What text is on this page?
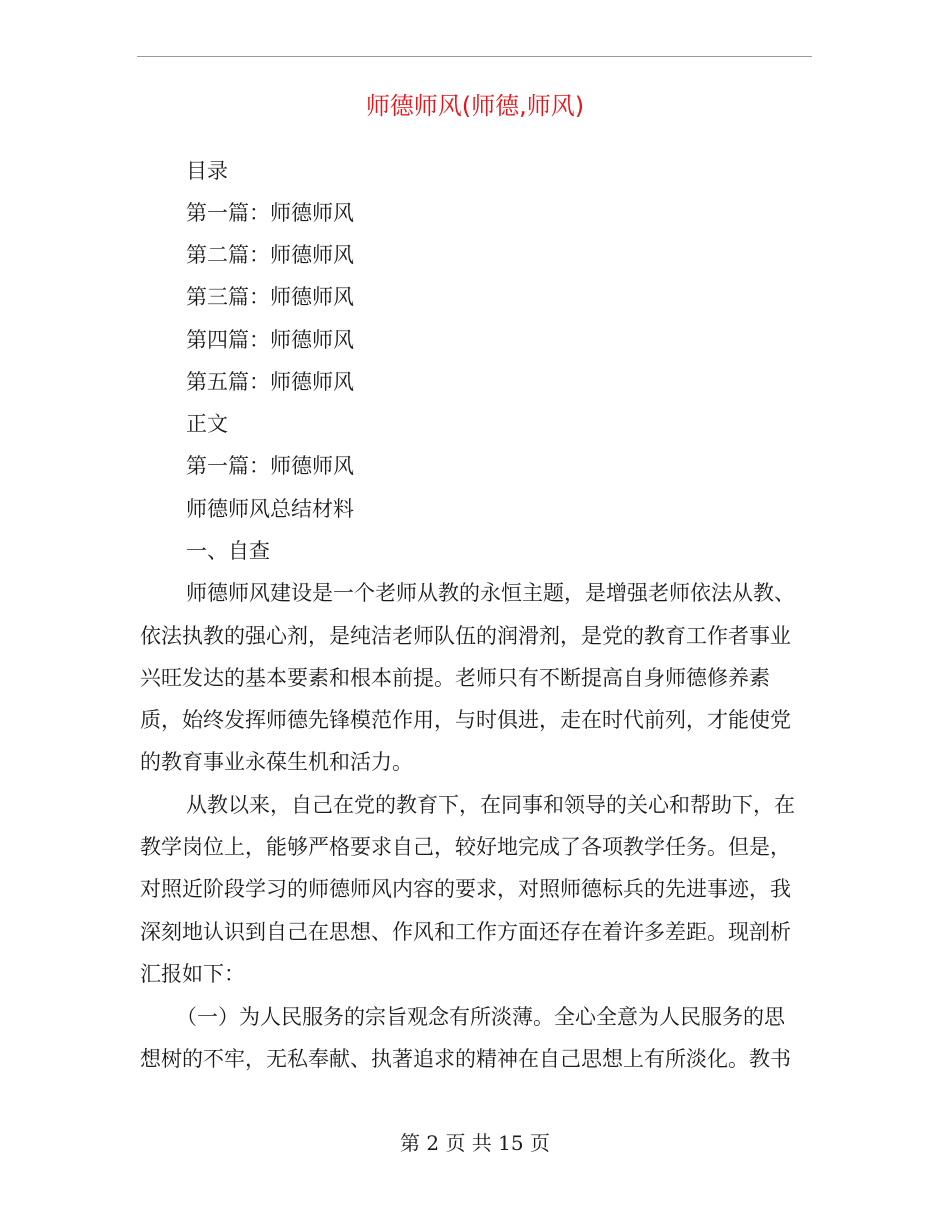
师德师风(师德,师风)
目录
第一篇：师德师风
第二篇：师德师风
第三篇：师德师风
第四篇：师德师风
第五篇：师德师风
正文
第一篇：师德师风
师德师风总结材料
一、自查
师德师风建设是一个老师从教的永恒主题，是增强老师依法从教、
依法执教的强心剂，是纯洁老师队伍的润滑剂，是党的教育工作者事业
兴旺发达的基本要素和根本前提。老师只有不断提高自身师德修养素
质，始终发挥师德先锋模范作用，与时俱进，走在时代前列，才能使党
的教育事业永葆生机和活力。
从教以来，自己在党的教育下，在同事和领导的关心和帮助下，在
教学岗位上，能够严格要求自己，较好地完成了各项教学任务。但是，
对照近阶段学习的师德师风内容的要求，对照师德标兵的先进事迹，我
深刻地认识到自己在思想、作风和工作方面还存在着许多差距。现剖析
汇报如下：
（一）为人民服务的宗旨观念有所淡薄。全心全意为人民服务的思
想树的不牢，无私奉献、执著追求的精神在自己思想上有所淡化。教书
第 2 页 共 15 页
